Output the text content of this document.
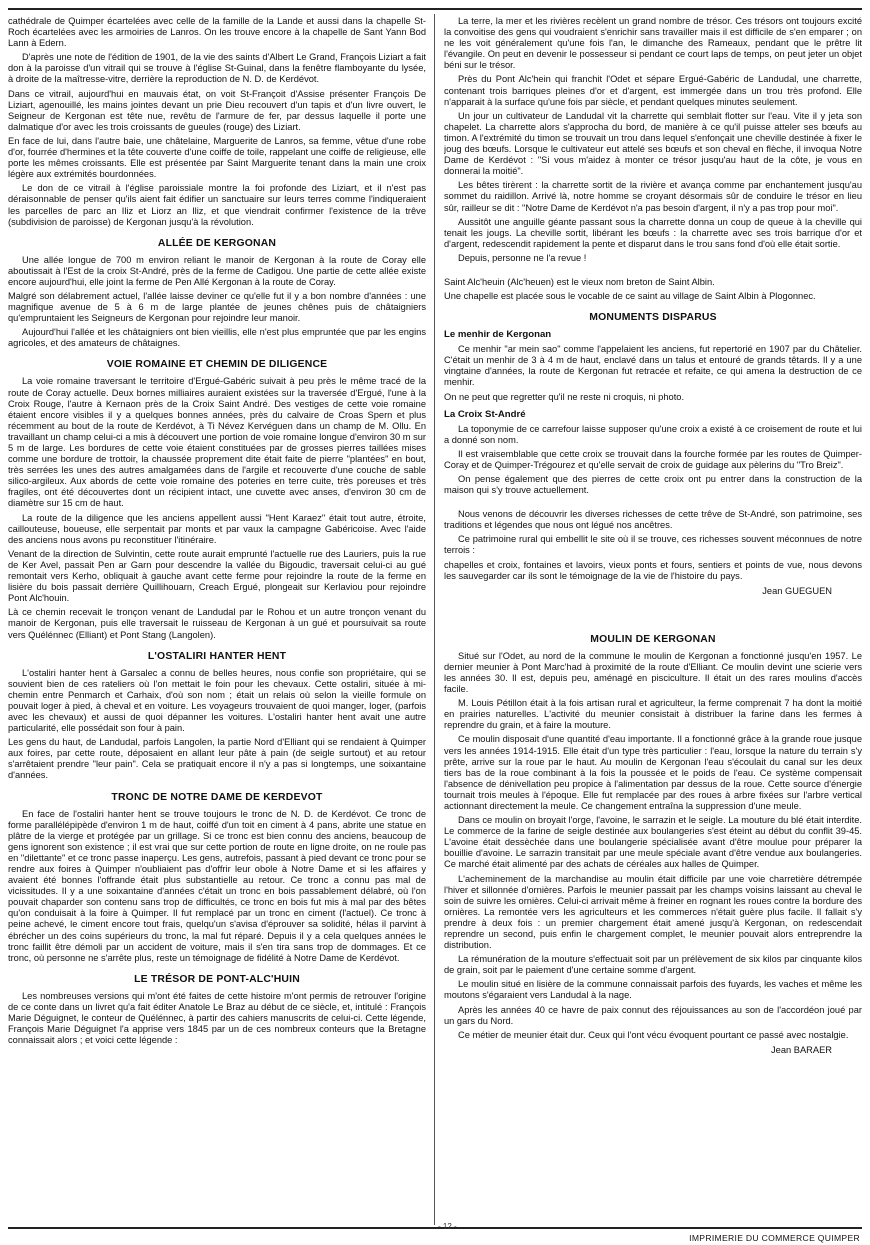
cathédrale de Quimper écartelées avec celle de la famille de la Lande et aussi dans la chapelle St-Roch écartelées avec les armoiries de Lanros. On les trouve encore à la chapelle de Sant Yann Bod Lann à Edern.

D'après une note de l'édition de 1901, de la vie des saints d'Albert Le Grand, François Liziart a fait don à la paroisse d'un vitrail qui se trouve à l'église St-Guinal, dans la fenêtre flamboyante du lysée, à droite de la maîtresse-vitre, derrière la reproduction de N. D. de Kerdévot.

Dans ce vitrail, aujourd'hui en mauvais état, on voit St-Françoit d'Assise présenter François De Liziart, agenouillé, les mains jointes devant un prie Dieu recouvert d'un tapis et d'un livre ouvert, le Seigneur de Kergonan est tête nue, revêtu de l'armure de fer, par dessus laquelle il porte une dalmatique d'or avec les trois croissants de gueules (rouge) des Liziart.

En face de lui, dans l'autre baie, une châtelaine, Marguerite de Lanros, sa femme, vêtue d'une robe d'or, fourrée d'hermines et la tête couverte d'une coiffe de toile, rappelant une coiffe de religieuse, elle porte les mêmes croissants. Elle est présentée par Saint Marguerite tenant dans la main une croix légère aux extrémités bourdonnées.

Le don de ce vitrail à l'église paroissiale montre la foi profonde des Liziart, et il n'est pas déraisonnable de penser qu'ils aient fait édifier un sanctuaire sur leurs terres comme l'indiqueraient les parcelles de parc an Iliz et Liorz an Iliz, et que viendrait confirmer l'existence de la trêve (subdivision de paroisse) de Kergonan jusqu'à la révolution.

ALLÉE DE KERGONAN

Une allée longue de 700 m environ reliant le manoir de Kergonan à la route de Coray elle aboutissait à l'Est de la croix St-André, près de la ferme de Cadigou. Une partie de cette allée existe encore aujourd'hui, elle joint la ferme de Pen Allé Kergonan à la route de Coray.

Malgré son délabrement actuel, l'allée laisse deviner ce qu'elle fut il y a bon nombre d'années : une magnifique avenue de 5 à 6 m de large plantée de jeunes chênes puis de châtaigniers qu'empruntaient les Seigneurs de Kergonan pour rejoindre leur manoir.

Aujourd'hui l'allée et les châtaigniers ont bien vieillis, elle n'est plus empruntée que par les engins agricoles, et des amateurs de châtaignes.

VOIE ROMAINE ET CHEMIN DE DILIGENCE

La voie romaine traversant le territoire d'Ergué-Gabéric suivait à peu près le même tracé de la route de Coray actuelle. Deux bornes milliaires auraient existées sur la traversée d'Ergué, l'une à la Croix Rouge, l'autre à Kernaon près de la Croix Saint André. Des vestiges de cette voie romaine étaient encore visibles il y a quelques bonnes années, près du calvaire de Croas Spern et plus récemment au bout de la route de Kerdévot, à Ti Névez Kervéguen dans un champ de M. Ollu. En travaillant un champ celui-ci a mis à découvert une portion de voie romaine longue d'environ 30 m sur 5 m de large. Les bordures de cette voie étaient constituées par de grosses pierres taillées mises comme une bordure de trottoir, la chaussée proprement dite était faite de pierre "plantées" en bout, très serrées les unes des autres amalgamées dans de l'argile et recouverte d'une couche de sable silico-argileux. Aux abords de cette voie romaine des poteries en terre cuite, très poreuses et très fragiles, ont été découvertes dont un récipient intact, une cuvette avec anses, d'environ 30 cm de diamètre sur 15 cm de haut.

La route de la diligence que les anciens appellent aussi "Hent Karaez" était tout autre, étroite, caillouteuse, boueuse, elle serpentait par monts et par vaux la campagne Gabéricoise. Avec l'aide des anciens nous avons pu reconstituer l'itinéraire.

Venant de la direction de Sulvintin, cette route aurait emprunté l'actuelle rue des Lauriers, puis la rue de Ker Avel, passait Pen ar Garn pour descendre la vallée du Bigoudic, traversait celui-ci au gué remontait vers Kerho, obliquait à gauche avant cette ferme pour rejoindre la route de la ferme en lisière du bois passait derrière Quillihouarn, Creach Ergué, plongeait sur Kerlaviou pour rejoindre Pont Alc'houin.

Là ce chemin recevait le tronçon venant de Landudal par le Rohou et un autre tronçon venant du manoir de Kergonan, puis elle traversait le ruisseau de Kergonan à un gué et poursuivait sa route vers Quélénnec (Elliant) et Pont Stang (Langolen).

L'OSTALIRI HANTER HENT

L'ostaliri hanter hent à Garsalec a connu de belles heures, nous confie son propriétaire, qui se souvient bien de ces rateliers où l'on mettait le foin pour les chevaux. Cette ostaliri, située à mi-chemin entre Penmarch et Carhaix, d'où son nom ; était un relais où selon la vieille formule on pouvait loger à pied, à cheval et en voiture. Les voyageurs trouvaient de quoi manger, loger, (parfois avec les chevaux) et aussi de quoi dépanner les voitures. L'ostaliri hanter hent avait une autre particularité, elle possédait son four à pain.

Les gens du haut, de Landudal, parfois Langolen, la partie Nord d'Elliant qui se rendaient à Quimper aux foires, par cette route, déposaient en allant leur pâte à pain (de seigle surtout) et au retour s'arrêtaient prendre "leur pain". Cela se pratiquait encore il n'y a pas si longtemps, une soixantaine d'années.

TRONC DE NOTRE DAME DE KERDEVOT

En face de l'ostaliri hanter hent se trouve toujours le tronc de N. D. de Kerdévot. Ce tronc de forme parallélépipède d'environ 1 m de haut, coiffé d'un toit en ciment à 4 pans, abrite une statue en plâtre de la vierge et protégée par un grillage. Si ce tronc est bien connu des anciens, beaucoup de gens ignorent son existence ; il est vrai que sur cette portion de route en ligne droite, on ne roule pas en "dilettante" et ce tronc passe inaperçu. Les gens, autrefois, passant à pied devant ce tronc pour se rendre aux foires à Quimper n'oubliaient pas d'offrir leur obole à Notre Dame et si les affaires y avaient été bonnes l'offrande était plus substantielle au retour. Ce tronc a connu pas mal de vicissitudes. Il y a une soixantaine d'années c'était un tronc en bois passablement délabré, où l'on pouvait chaparder son contenu sans trop de difficultés, ce tronc en bois fut mis à mal par des bêtes qu'on conduisait à la foire à Quimper. Il fut remplacé par un tronc en ciment (l'actuel). Ce tronc à peine achevé, le ciment encore tout frais, quelqu'un s'avisa d'éprouver sa solidité, hélas il parvint à ébrécher un des coins supérieurs du tronc, la mal fut réparé. Depuis il y a cela quelques années le tronc faillit être démoli par un accident de voiture, mais il s'en tira sans trop de dommages. Et ce tronc, où personne ne s'arrête plus, reste un témoignage de fidélité à Notre Dame de Kerdévot.

LE TRÉSOR DE PONT-ALC'HUIN

Les nombreuses versions qui m'ont été faites de cette histoire m'ont permis de retrouver l'origine de ce conte dans un livret qu'a fait éditer Anatole Le Braz au début de ce siècle, et, intitulé : François Marie Déguignet, le conteur de Quélénnec, à partir des cahiers manuscrits de celui-ci. Cette légende, François Marie Déguignet l'a apprise vers 1845 par un de ces nombreux conteurs que la Bretagne connaissait alors ; et voici cette légende :

La terre, la mer et les rivières recèlent un grand nombre de trésor. Ces trésors ont toujours excité la convoitise des gens qui voudraient s'enrichir sans travailler mais il est difficile de s'en emparer ; on ne les voit généralement qu'une fois l'an, le dimanche des Rameaux, pendant que le prêtre lit l'évangile. On peut en devenir le possesseur si pendant ce court laps de temps, on peut jeter un objet béni sur le trésor.

Près du Pont Alc'hein qui franchit l'Odet et sépare Ergué-Gabéric de Landudal, une charrette, contenant trois barriques pleines d'or et d'argent, est immergée dans un trou très profond. Elle n'apparait à la surface qu'une fois par siècle, et pendant quelques minutes seulement.

Un jour un cultivateur de Landudal vit la charrette qui semblait flotter sur l'eau. Vite il y jeta son chapelet. La charrette alors s'approcha du bord, de manière à ce qu'il puisse atteler ses bœufs au timon. A l'extrémité du timon se trouvait un trou dans lequel s'enfonçait une cheville destinée à fixer le joug des bœufs. Lorsque le cultivateur eut attelé ses bœufs et son cheval en flèche, il invoqua Notre Dame de Kerdévot : "Si vous m'aidez à monter ce trésor jusqu'au haut de la côte, je vous en donnerai la moitié".

Les bêtes tirèrent : la charrette sortit de la rivière et avança comme par enchantement jusqu'au sommet du raidillon. Arrivé là, notre homme se croyant désormais sûr de conduire le trésor en lieu sûr, railleur se dit : "Notre Dame de Kerdévot n'a pas besoin d'argent, il n'y a pas trop pour moi".

Aussitôt une anguille géante passant sous la charrette donna un coup de queue à la cheville qui tenait les jougs. La cheville sortit, libérant les bœufs : la charrette avec ses trois barrique d'or et d'argent, redescendit rapidement la pente et disparut dans le trou sans fond d'où elle était sortie.

Depuis, personne ne l'a revue !

Saint Alc'heuin (Alc'heuen) est le vieux nom breton de Saint Albin.

Une chapelle est placée sous le vocable de ce saint au village de Saint Albin à Plogonnec.

MONUMENTS DISPARUS
Le menhir de Kergonan

Ce menhir "ar mein sao" comme l'appelaient les anciens, fut repertorié en 1907 par du Châtelier. C'était un menhir de 3 à 4 m de haut, enclavé dans un talus et entouré de grands têtards. Il y a une vingtaine d'années, la route de Kergonan fut retracée et refaite, ce qui amena la destruction de ce menhir.

On ne peut que regretter qu'il ne reste ni croquis, ni photo.

La Croix St-André

La toponymie de ce carrefour laisse supposer qu'une croix a existé à ce croisement de route et lui a donné son nom.

Il est vraisemblable que cette croix se trouvait dans la fourche formée par les routes de Quimper-Coray et de Quimper-Trégourez et qu'elle servait de croix de guidage aux pèlerins du "Tro Breiz".

On pense également que des pierres de cette croix ont pu entrer dans la construction de la maison qui s'y trouve actuellement.

Nous venons de découvrir les diverses richesses de cette trêve de St-André, son patrimoine, ses traditions et légendes que nous ont légué nos ancêtres.

Ce patrimoine rural qui embellit le site où il se trouve, ces richesses souvent méconnues de notre terrois :

chapelles et croix, fontaines et lavoirs, vieux ponts et fours, sentiers et points de vue, nous devons les sauvegarder car ils sont le témoignage de la vie de l'histoire du pays.

Jean GUEGUEN
MOULIN DE KERGONAN

Situé sur l'Odet, au nord de la commune le moulin de Kergonan a fonctionné jusqu'en 1957. Le dernier meunier à Pont Marc'had à proximité de la route d'Elliant. Ce moulin devint une scierie vers les années 30. Il est, depuis peu, aménagé en pisciculture. Il était un des rares moulins d'accès facile.

M. Louis Pétillon était à la fois artisan rural et agriculteur, la ferme comprenait 7 ha dont la moitié en prairies naturelles. L'activité du meunier consistait à distribuer la farine dans les fermes à reprendre du grain, et à faire la mouture.

Ce moulin disposait d'une quantité d'eau importante. Il a fonctionné grâce à la grande roue jusque vers les années 1914-1915. Elle était d'un type très particulier : l'eau, lorsque la nature du terrain s'y prête, arrive sur la roue par le haut. Au moulin de Kergonan l'eau s'écoulait du canal sur les deux tiers bas de la roue combinant à la fois la poussée et le poids de l'eau. Ce système compensait l'absence de dénivellation peu propice à l'alimentation par dessus de la roue. Cette source d'énergie tournait trois meules à l'époque. Elle fut remplacée par des roues à arbre fixées sur l'arbre vertical actionnant directement la meule. Ce changement entraîna la suppression d'une meule.

Dans ce moulin on broyait l'orge, l'avoine, le sarrazin et le seigle. La mouture du blé était interdite. Le commerce de la farine de seigle destinée aux boulangeries s'est éteint au début du conflit 39-45. L'avoine était dessèchée dans une boulangerie spécialisée avant d'être moulue pour préparer la bouillie d'avoine. Le sarrazin transitait par une meule spéciale avant d'être vendue aux boulangeries. Ce marché était alimenté par des achats de céréales aux halles de Quimper.

L'acheminement de la marchandise au moulin était difficile par une voie charretière détrempée l'hiver et sillonnée d'ornières. Parfois le meunier passait par les champs voisins laissant au cheval le soin de suivre les ornières. Celui-ci arrivait même à freiner en rognant les roues contre la bordure des ornières. La remontée vers les agriculteurs et les commerces n'était guère plus facile. Il fallait s'y prendre à deux fois : un premier chargement était amené jusqu'à Kergonan, on redescendait reprendre un second, puis enfin le chargement complet, le meunier pouvait alors entreprendre la distribution.

La rémunération de la mouture s'effectuait soit par un prélèvement de six kilos par cinquante kilos de grain, soit par le paiement d'une certaine somme d'argent.

Le moulin situé en lisière de la commune connaissait parfois des fuyards, les vaches et même les moutons s'égaraient vers Landudal à la nage.

Après les années 40 ce havre de paix connut des réjouissances au son de l'accordéon joué par un gars du Nord.

Ce métier de meunier était dur. Ceux qui l'ont vécu évoquent pourtant ce passé avec nostalgie.

Jean BARAER
- 12 -
IMPRIMERIE DU COMMERCE QUIMPER
